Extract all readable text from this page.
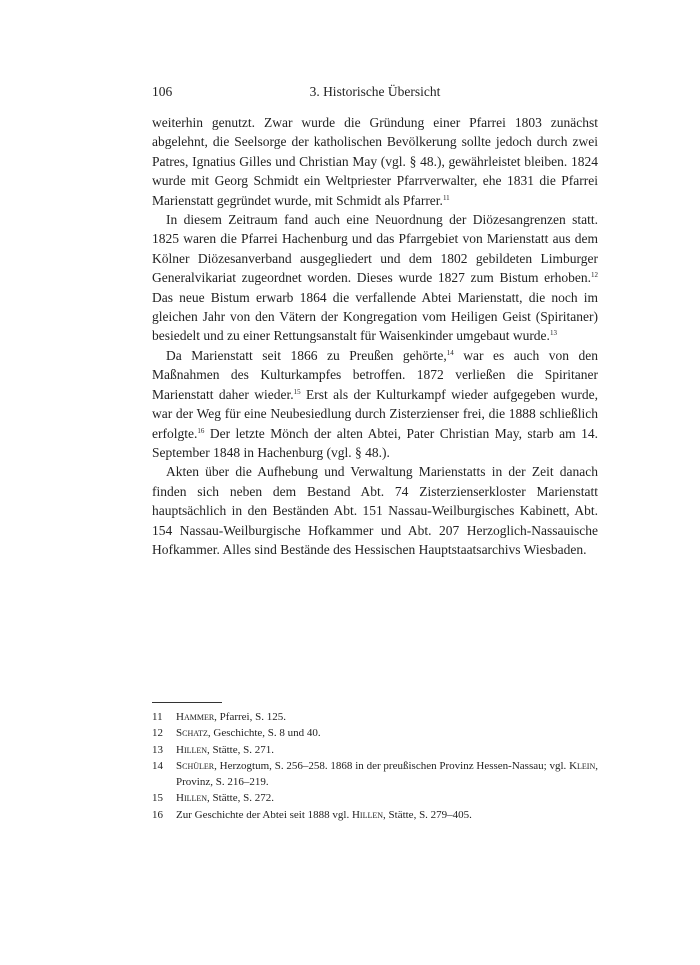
106	3. Historische Übersicht

weiterhin genutzt. Zwar wurde die Gründung einer Pfarrei 1803 zunächst abgelehnt, die Seelsorge der katholischen Bevölkerung sollte jedoch durch zwei Patres, Ignatius Gilles und Christian May (vgl. § 48.), gewährleistet bleiben. 1824 wurde mit Georg Schmidt ein Weltpriester Pfarrverwalter, ehe 1831 die Pfarrei Marienstatt gegründet wurde, mit Schmidt als Pfarrer.$^{11}$

In diesem Zeitraum fand auch eine Neuordnung der Diözesangrenzen statt. 1825 waren die Pfarrei Hachenburg und das Pfarrgebiet von Marienstatt aus dem Kölner Diözesanverband ausgegliedert und dem 1802 gebildeten Limburger Generalvikariat zugeordnet worden. Dieses wurde 1827 zum Bistum erhoben.$^{12}$ Das neue Bistum erwarb 1864 die verfallende Abtei Marienstatt, die noch im gleichen Jahr von den Vätern der Kongregation vom Heiligen Geist (Spiritaner) besiedelt und zu einer Rettungsanstalt für Waisenkinder umgebaut wurde.$^{13}$

Da Marienstatt seit 1866 zu Preußen gehörte,$^{14}$ war es auch von den Maßnahmen des Kulturkampfes betroffen. 1872 verließen die Spiritaner Marienstatt daher wieder.$^{15}$ Erst als der Kulturkampf wieder aufgegeben wurde, war der Weg für eine Neubesiedlung durch Zisterzienser frei, die 1888 schließlich erfolgte.$^{16}$ Der letzte Mönch der alten Abtei, Pater Christian May, starb am 14. September 1848 in Hachenburg (vgl. § 48.).

Akten über die Aufhebung und Verwaltung Marienstatts in der Zeit danach finden sich neben dem Bestand Abt. 74 Zisterzienserkloster Marienstatt hauptsächlich in den Beständen Abt. 151 Nassau-Weilburgisches Kabinett, Abt. 154 Nassau-Weilburgische Hofkammer und Abt. 207 Herzoglich-Nassauische Hofkammer. Alles sind Bestände des Hessischen Hauptstaatsarchivs Wiesbaden.

11 Hammer, Pfarrei, S. 125.
12 Schatz, Geschichte, S. 8 und 40.
13 Hillen, Stätte, S. 271.
14 Schüler, Herzogtum, S. 256–258. 1868 in der preußischen Provinz Hessen-Nassau; vgl. Klein, Provinz, S. 216–219.
15 Hillen, Stätte, S. 272.
16 Zur Geschichte der Abtei seit 1888 vgl. Hillen, Stätte, S. 279–405.
